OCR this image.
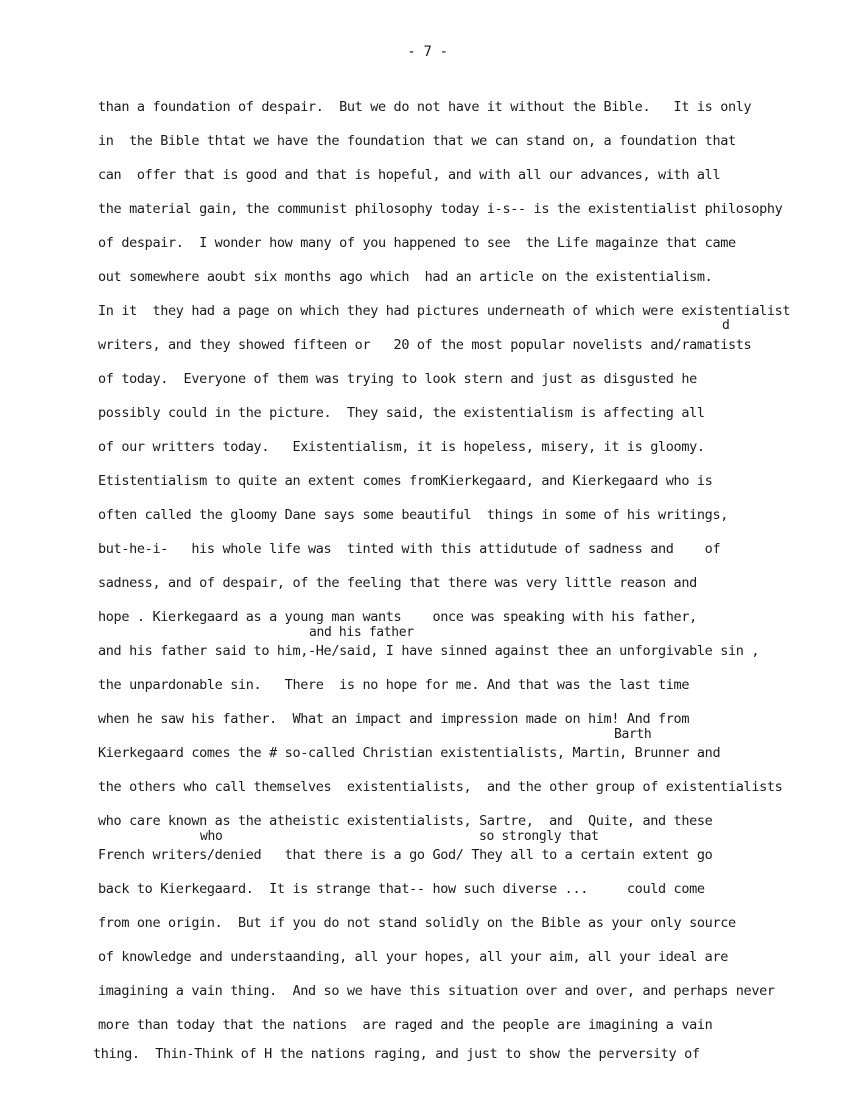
- 7 -
d
and his father
Barth
who	so strongly that
than a foundation of despair.  But we do not have it without the Bible.   It is only
in  the Bible thtat we have the foundation that we can stand on, a foundation that
can  offer that is good and that is hopeful, and with all our advances, with all
the material gain, the communist philosophy today i-s-- is the existentialist philosophy
of despair.  I wonder how many of you happened to see  the Life magainze that came
out somewhere aoubt six months ago which  had an article on the existentialism.
In it  they had a page on which they had pictures underneath of which were existentialist
writers, and they showed fifteen or   20 of the most popular novelists and/ramatists
of today.  Everyone of them was trying to look stern and just as disgusted he
possibly could in the picture.  They said, the existentialism is affecting all
of our writters today.   Existentialism, it is hopeless, misery, it is gloomy.
Etistentialism to quite an extent comes fromKierkegaard, and Kierkegaard who is
often called the gloomy Dane says some beautiful  things in some of his writings,
but-he-i-   his whole life was  tinted with this attidutude of sadness and    of
sadness, and of despair, of the feeling that there was very little reason and
hope . Kierkegaard as a young man wants    once was speaking with his father,
and his father said to him,-He/said, I have sinned against thee an unforgivable sin ,
the unpardonable sin.   There  is no hope for me. And that was the last time
when he saw his father.  What an impact and impression made on him! And from
Kierkegaard comes the # so-called Christian existentialists, Martin, Brunner and
the others who call themselves  existentialists,  and the other group of existentialists
who care known as the atheistic existentialists, Sartre,  and  Quite, and these
French writers/denied   that there is a go God/ They all to a certain extent go
back to Kierkegaard.  It is strange that-- how such diverse ...     could come
from one origin.  But if you do not stand solidly on the Bible as your only source
of knowledge and understaanding, all your hopes, all your aim, all your ideal are
imagining a vain thing.  And so we have this situation over and over, and perhaps never
more than today that the nations  are raged and the people are imagining a vain
thing.  Thin-Think of H the nations raging, and just to show the perversity of
